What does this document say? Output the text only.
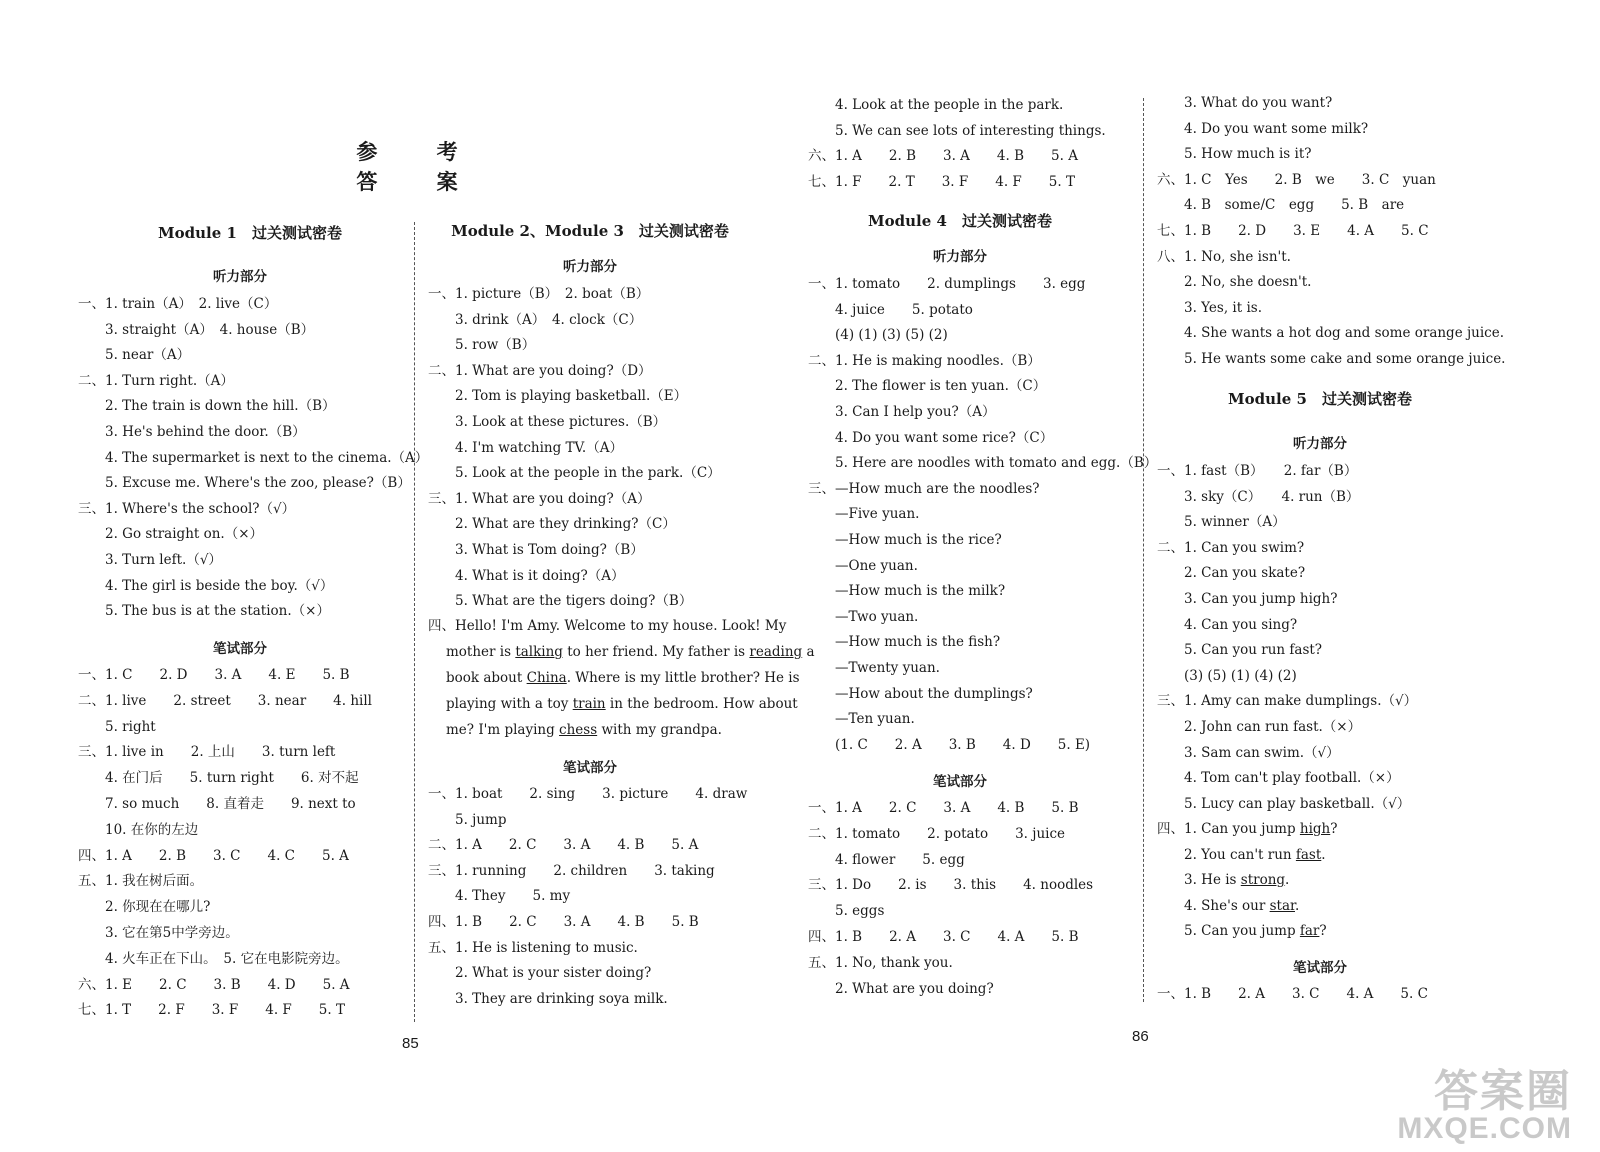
参 考 答 案
Module 1　过关测试密卷
听力部分
一、1. train（A）　2. live（C）
　　3. straight（A）　4. house（B）
　　5. near（A）
二、1. Turn right.（A）
　　2. The train is down the hill.（B）
　　3. He's behind the door.（B）
　　4. The supermarket is next to the cinema.（A）
　　5. Excuse me. Where's the zoo, please?（B）
三、1. Where's the school?（√）
　　2. Go straight on.（×）
　　3. Turn left.（√）
　　4. The girl is beside the boy.（√）
　　5. The bus is at the station.（×）
笔试部分
一、1. C　　2. D　　3. A　　4. E　　5. B
二、1. live　　2. street　　3. near　　4. hill
　　5. right
三、1. live in　　2. 上山　　3. turn left
　　4. 在门后　　5. turn right　　6. 对不起
　　7. so much　　8. 直着走　　9. next to
　　10. 在你的左边
四、1. A　　2. B　　3. C　　4. C　　5. A
五、1. 我在树后面。
　　2. 你现在在哪儿?
　　3. 它在第5中学旁边。
　　4. 火车正在下山。　5. 它在电影院旁边。
六、1. E　　2. C　　3. B　　4. D　　5. A
七、1. T　　2. F　　3. F　　4. F　　5. T
Module 2、Module 3　过关测试密卷
听力部分
一、1. picture（B）　2. boat（B）
　　3. drink（A）　4. clock（C）
　　5. row（B）
二、1. What are you doing?（D）
　　2. Tom is playing basketball.（E）
　　3. Look at these pictures.（B）
　　4. I'm watching TV.（A）
　　5. Look at the people in the park.（C）
三、1. What are you doing?（A）
　　2. What are they drinking?（C）
　　3. What is Tom doing?（B）
　　4. What is it doing?（A）
　　5. What are the tigers doing?（B）
四、Hello! I'm Amy. Welcome to my house. Look! My
mother is talking to her friend. My father is reading a
book about China. Where is my little brother? He is
playing with a toy train in the bedroom. How about
me? I'm playing chess with my grandpa.
笔试部分
一、1. boat　　2. sing　　3. picture　　4. draw
　　5. jump
二、1. A　　2. C　　3. A　　4. B　　5. A
三、1. running　　2. children　　3. taking
　　4. They　　5. my
四、1. B　　2. C　　3. A　　4. B　　5. B
五、1. He is listening to music.
　　2. What is your sister doing?
　　3. They are drinking soya milk.
　　4. Look at the people in the park.
　　5. We can see lots of interesting things.
六、1. A　　2. B　　3. A　　4. B　　5. A
七、1. F　　2. T　　3. F　　4. F　　5. T
Module 4　过关测试密卷
听力部分
一、1. tomato　　2. dumplings　　3. egg
　　4. juice　　5. potato
　　(4) (1) (3) (5) (2)
二、1. He is making noodles.（B）
　　2. The flower is ten yuan.（C）
　　3. Can I help you?（A）
　　4. Do you want some rice?（C）
　　5. Here are noodles with tomato and egg.（B）
三、—How much are the noodles?
　　—Five yuan.
　　—How much is the rice?
　　—One yuan.
　　—How much is the milk?
　　—Two yuan.
　　—How much is the fish?
　　—Twenty yuan.
　　—How about the dumplings?
　　—Ten yuan.
　　(1. C　　2. A　　3. B　　4. D　　5. E)
笔试部分
一、1. A　　2. C　　3. A　　4. B　　5. B
二、1. tomato　　2. potato　　3. juice
　　4. flower　　5. egg
三、1. Do　　2. is　　3. this　　4. noodles
　　5. eggs
四、1. B　　2. A　　3. C　　4. A　　5. B
五、1. No, thank you.
　　2. What are you doing?
　　3. What do you want?
　　4. Do you want some milk?
　　5. How much is it?
六、1. C　Yes　　2. B　we　　3. C　yuan
　　4. B　some/C　egg　　5. B　are
七、1. B　　2. D　　3. E　　4. A　　5. C
八、1. No, she isn't.
　　2. No, she doesn't.
　　3. Yes, it is.
　　4. She wants a hot dog and some orange juice.
　　5. He wants some cake and some orange juice.
Module 5　过关测试密卷
听力部分
一、1. fast（B）　　2. far（B）
　　3. sky（C）　　4. run（B）
　　5. winner（A）
二、1. Can you swim?
　　2. Can you skate?
　　3. Can you jump high?
　　4. Can you sing?
　　5. Can you run fast?
　　(3) (5) (1) (4) (2)
三、1. Amy can make dumplings.（√）
　　2. John can run fast.（×）
　　3. Sam can swim.（√）
　　4. Tom can't play football.（×）
　　5. Lucy can play basketball.（√）
四、1. Can you jump high?
　　2. You can't run fast.
　　3. He is strong.
　　4. She's our star.
　　5. Can you jump far?
笔试部分
一、1. B　　2. A　　3. C　　4. A　　5. C
85	86
答案圈
MXQE.COM
